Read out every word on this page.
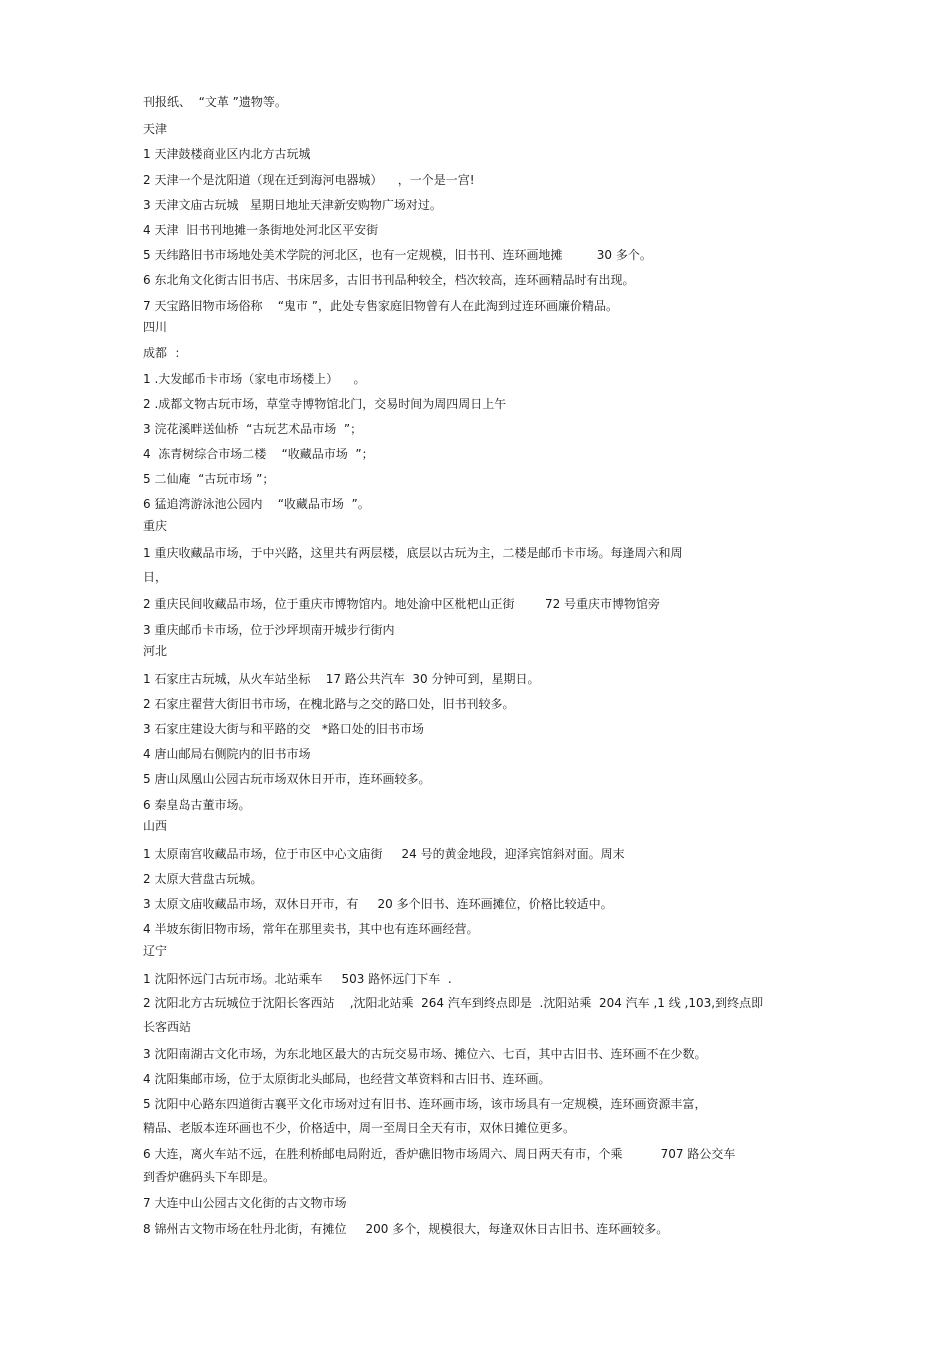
刊报纸、  “文革 ”遗物等。

天津

1 天津鼓楼商业区内北方古玩城

2 天津一个是沈阳道（现在迁到海河电器城）    ，一个是一宫!

3 天津文庙古玩城   星期日地址天津新安购物广场对过。

4 天津  旧书刊地摊一条街地处河北区平安街

5 天纬路旧书市场地处美术学院的河北区，也有一定规模，旧书刊、连环画地摊         30 多个。

6 东北角文化街古旧书店、书床居多，古旧书刊品种较全，档次较高，连环画精品时有出现。

7 天宝路旧物市场俗称    “鬼市 ”，此处专售家庭旧物曾有人在此淘到过连环画廉价精品。

四川

成都  ：

1 .大发邮币卡市场（家电市场楼上）    。

2 .成都文物古玩市场，草堂寺博物馆北门，交易时间为周四周日上午

3 浣花溪畔送仙桥  “古玩艺术品市场  ”；

4  冻青树综合市场二楼    “收藏品市场  ”；

5 二仙庵  “古玩市场 ”；

6 猛追湾游泳池公园内    “收藏品市场  ”。

重庆

1 重庆收藏品市场，于中兴路，这里共有两层楼，底层以古玩为主，二楼是邮币卡市场。每逢周六和周

日，

2 重庆民间收藏品市场，位于重庆市博物馆内。地处渝中区枇杷山正街        72 号重庆市博物馆旁

3 重庆邮币卡市场，位于沙坪坝南开城步行街内

河北

1 石家庄古玩城，从火车站坐标    17 路公共汽车  30 分钟可到，星期日。

2 石家庄翟营大街旧书市场，在槐北路与之交的路口处，旧书刊较多。

3 石家庄建设大街与和平路的交   *路口处的旧书市场

4 唐山邮局右侧院内的旧书市场

5 唐山凤凰山公园古玩市场双休日开市，连环画较多。

6 秦皇岛古董市场。

山西

1 太原南宫收藏品市场，位于市区中心文庙街     24 号的黄金地段，迎泽宾馆斜对面。周末

2 太原大营盘古玩城。

3 太原文庙收藏品市场，双休日开市，有     20 多个旧书、连环画摊位，价格比较适中。

4 半坡东街旧物市场，常年在那里卖书，其中也有连环画经营。

辽宁

1 沈阳怀远门古玩市场。北站乘车     503 路怀远门下车  .

2 沈阳北方古玩城位于沈阳长客西站    ,沈阳北站乘  264 汽车到终点即是  .沈阳站乘  204 汽车 ,1 线 ,103,到终点即

长客西站

3 沈阳南湖古文化市场，为东北地区最大的古玩交易市场、摊位六、七百，其中古旧书、连环画不在少数。

4 沈阳集邮市场，位于太原街北头邮局，也经营文革资料和古旧书、连环画。

5 沈阳中心路东四道街古襄平文化市场对过有旧书、连环画市场，该市场具有一定规模，连环画资源丰富，

精品、老版本连环画也不少，价格适中，周一至周日全天有市，双休日摊位更多。

6 大连，离火车站不远，在胜利桥邮电局附近，香炉礁旧物市场周六、周日两天有市，个乘          707 路公交车

到香炉礁码头下车即是。

7 大连中山公园古文化街的古文物市场

8 锦州古文物市场在牡丹北街，有摊位     200 多个，规模很大，每逢双休日古旧书、连环画较多。
